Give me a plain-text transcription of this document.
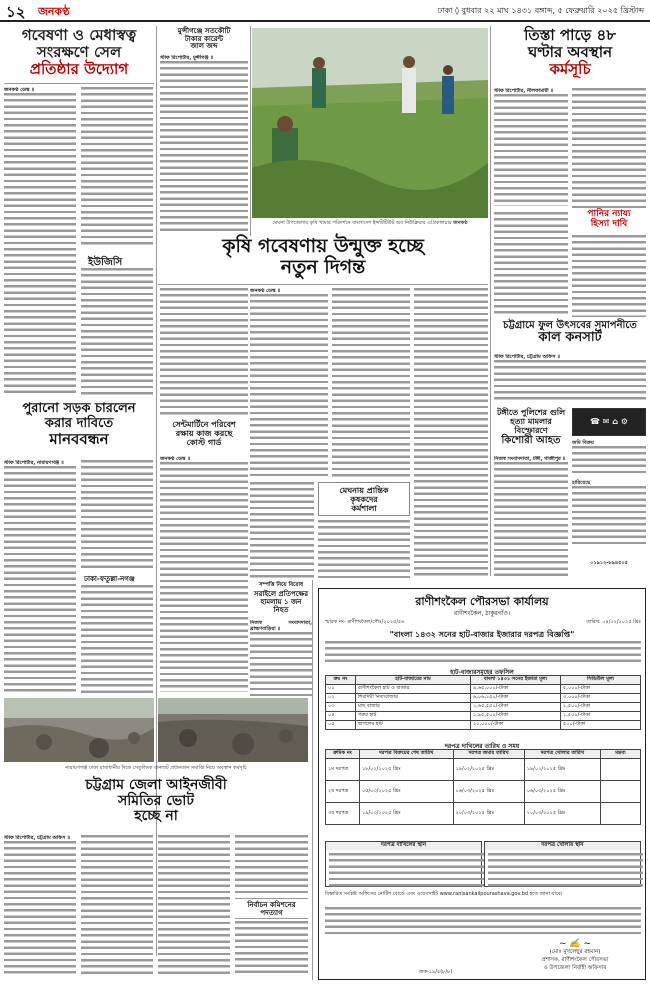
১২ জনকণ্ঠ	ঢাকা ◊ বুধবার ২২ মাঘ ১৪৩১ বঙ্গাব্দ, ৫ ফেব্রুয়ারি ২০২৫ খ্রিস্টাব্দ
গবেষণা ও মেধাস্বত্ব
সংরক্ষণে সেল
প্রতিষ্ঠার উদ্যোগ
জনকণ্ঠ ডেস্ক ॥
ইউজিসি
পুরানো সড়ক চারলেন
করার দাবিতে
মানববন্ধন
স্টাফ রিপোর্টার, নারায়ণগঞ্জ ॥
ঢাকা-ফতুল্লা-নগঞ্জ
নারায়ণগঞ্জ ঢাকা রাজধানীর দিকে সেতুলিংক যানজট প্রধানতান সমাপ্তি নিয়ে অবস্থান কর্মসূচি
চট্টগ্রাম জেলা আইনজীবী
সমিতির ভোট
হচ্ছে না
স্টাফ রিপোর্টার, চট্টগ্রাম অফিস ॥
নির্বাচন কমিশনের
পদত্যাগ
মুন্সীগঞ্জে সতকৌটি
টাকার কারেন্ট
জাল জব্দ
স্টাফ রিপোর্টার, মুন্সীগঞ্জ ॥
মেঘনা উপজেলায় কৃষি খামার পরিদর্শনে বাংলাদেশ ইন্সটিটিউট অব নিউক্লিয়ার এগ্রিকালচার জনকণ্ঠ
কৃষি গবেষণায় উন্মুক্ত হচ্ছে
নতুন দিগন্ত
জনকণ্ঠ ডেস্ক ॥
মেঘনায় প্রান্তিক
কৃষকদের
কর্মশালা
সেন্টমার্টিনে পরিবেশ
রক্ষায় কাজ করছে
কোস্ট গার্ড
জনকণ্ঠ ডেস্ক ॥
সম্পত্তি নিয়ে বিরোধ
সরাইলে প্রতিপক্ষের
হামলায় ১ জন
নিহত
নিজস্ব সংবাদদাতা, ব্রাহ্মণবাড়িয়া ॥
তিস্তা পাড়ে ৪৮
ঘণ্টার অবস্থান
কর্মসূচি
স্টাফ রিপোর্টার, নীলফামারী ॥
পানির ন্যায্য
হিস্যা দাবি
চট্টগ্রামে ফুল উৎসবের সমাপনীতে
কাল কনসার্ট
স্টাফ রিপোর্টার, চট্টগ্রাম অফিস ॥
টঙ্গীতে পুলিশের গুলি
হত্যা মামলার
বিস্ফোরণে
কিশোরী আহত
নিজস্ব সংবাদদাতা, টঙ্গী, গাজীপুর ॥
☎ ✉ ⌂ ⚙
জমি বিক্রয়
হারিয়েছে
০১৯১২-৮৯৪৫০৫
রাণীশংকৈল পৌরসভা কার্যালয়
রাণীশংকৈল, ঠাকুরগাঁও।
স্মারক নং- রাণীশংকৈল/পৌঃ/২০২৫/৫৬	তারিখ: ০৪/০২/২০২৫ খ্রিঃ
"বাংলা ১৪৩২ সনের হাট-বাজার ইজারার দরপত্র বিজ্ঞপ্তি"
হাট-বাজারসমূহের তফসিল
ক্রঃ নং	হাট-বাজারের নাম	বাংলা ১৪৩১ সনের ইজারা মূল্য	সিডিউল মূল্য
০১	রাণীশংকৈল হাট ও বাজার	৯,৬৫,০০০/-টাকা	৫,০০০/-টাকা
০২	শিবদিঘী নিত্যবাজার	৬,০৬,১৫০/-টাকা	৩,০০০/-টাকা
০৩	মাছ বাজার	১,৬৫,৫৫০/-টাকা	১,৫০০/-টাকা
০৪	গরুর হাট	১,৯৫,৫০০/-টাকা	১,৫০০/-টাকা
০৫	ছাগলের হাট	২০,০০০/-টাকা	৫০০/-টাকা
দরপত্র দাখিলের তারিখ ও সময়
ক্রমিক নং	দরপত্র বিক্রয়ের শেষ তারিখ	দরপত্র জমার তারিখ	দরপত্র খোলার তারিখ	মন্তব্য
১ম দরপত্র	১৮/০২/২০২৫ খ্রিঃ	১৯/০২/২০২৫ খ্রিঃ	১৯/০২/২০২৫ খ্রিঃ	
২য় দরপত্র	০৫/০৩/২০২৫ খ্রিঃ	০৬/০৩/২০২৫ খ্রিঃ	০৬/০৩/২০২৫ খ্রিঃ	
৩য় দরপত্র	১৯/০৩/২০২৫ খ্রিঃ	২০/০৩/২০২৫ খ্রিঃ	২০/০৩/২০২৫ খ্রিঃ	
দরপত্র দাখিলের স্থান	দরপত্র খোলার স্থান
বিস্তারিত সংশ্লিষ্ট অফিসের নোটিশ বোর্ডে এবং ওয়েবসাইট www.ranisankailpourashava.gov.bd হতে জানা যাবে।
~ ✍ ~
(মোঃ মুখলেছুর রহমান)
প্রশাসক, রাণীশংকৈল পৌরসভা
ও উপজেলা নির্বাহী অফিসার
জক-১৯/৫(৮/৮)
